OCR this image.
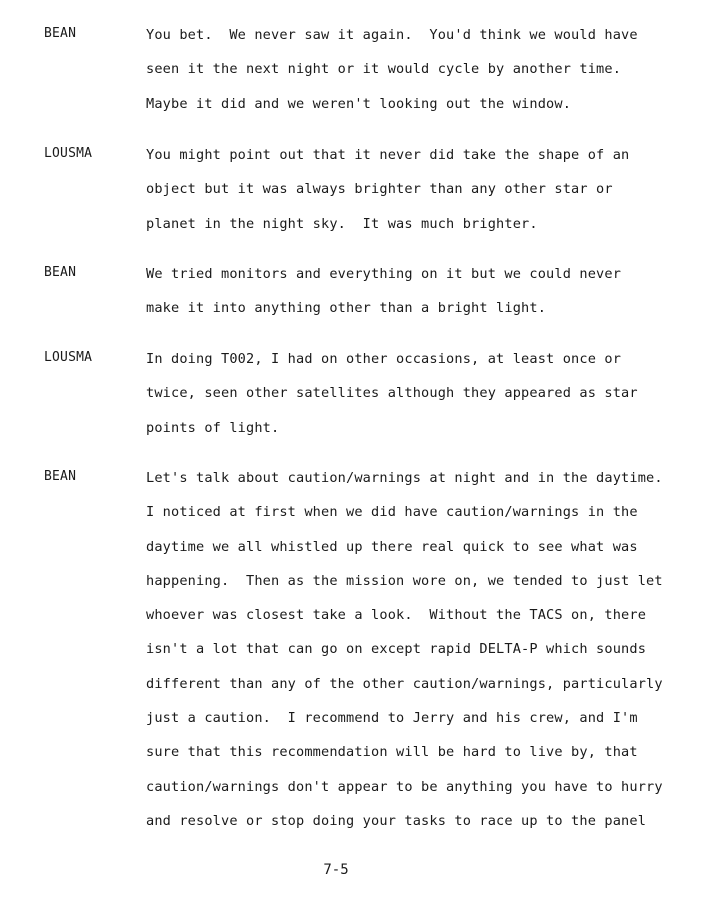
BEAN	You bet.  We never saw it again.  You'd think we would have
seen it the next night or it would cycle by another time.
Maybe it did and we weren't looking out the window.
LOUSMA	You might point out that it never did take the shape of an
object but it was always brighter than any other star or
planet in the night sky.  It was much brighter.
BEAN	We tried monitors and everything on it but we could never
make it into anything other than a bright light.
LOUSMA	In doing T002, I had on other occasions, at least once or
twice, seen other satellites although they appeared as star
points of light.
BEAN	Let's talk about caution/warnings at night and in the daytime.
I noticed at first when we did have caution/warnings in the
daytime we all whistled up there real quick to see what was
happening.  Then as the mission wore on, we tended to just let
whoever was closest take a look.  Without the TACS on, there
isn't a lot that can go on except rapid DELTA-P which sounds
different than any of the other caution/warnings, particularly
just a caution.  I recommend to Jerry and his crew, and I'm
sure that this recommendation will be hard to live by, that
caution/warnings don't appear to be anything you have to hurry
and resolve or stop doing your tasks to race up to the panel
7-5
